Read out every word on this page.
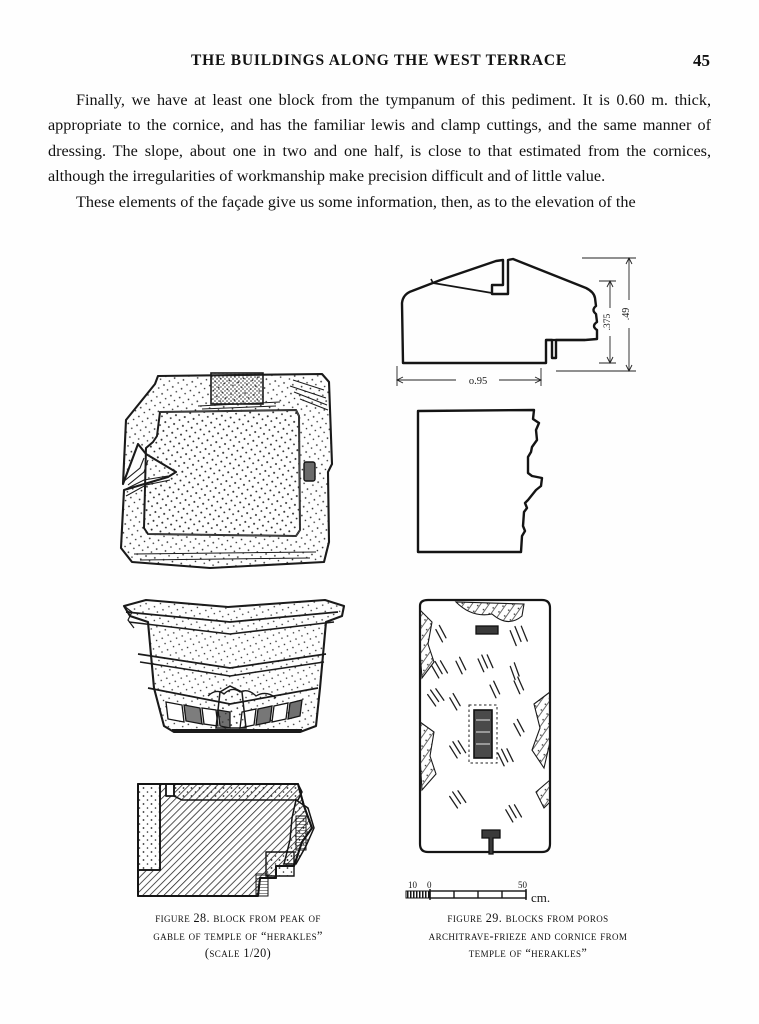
THE BUILDINGS ALONG THE WEST TERRACE	45

Finally, we have at least one block from the tympanum of this pediment. It is 0.60 m. thick, appropriate to the cornice, and has the familiar lewis and clamp cuttings, and the same manner of dressing. The slope, about one in two and one half, is close to that estimated from the cornices, although the irregularities of workmanship make precision difficult and of little value.

These elements of the façade give us some information, then, as to the elevation of the

.49
.375
o.95
10 0	50
cm.
figure 28. block from peak of
gable of temple of “herakles”
(scale 1/20)
figure 29. blocks from poros
architrave-frieze and cornice from
temple of “herakles”
